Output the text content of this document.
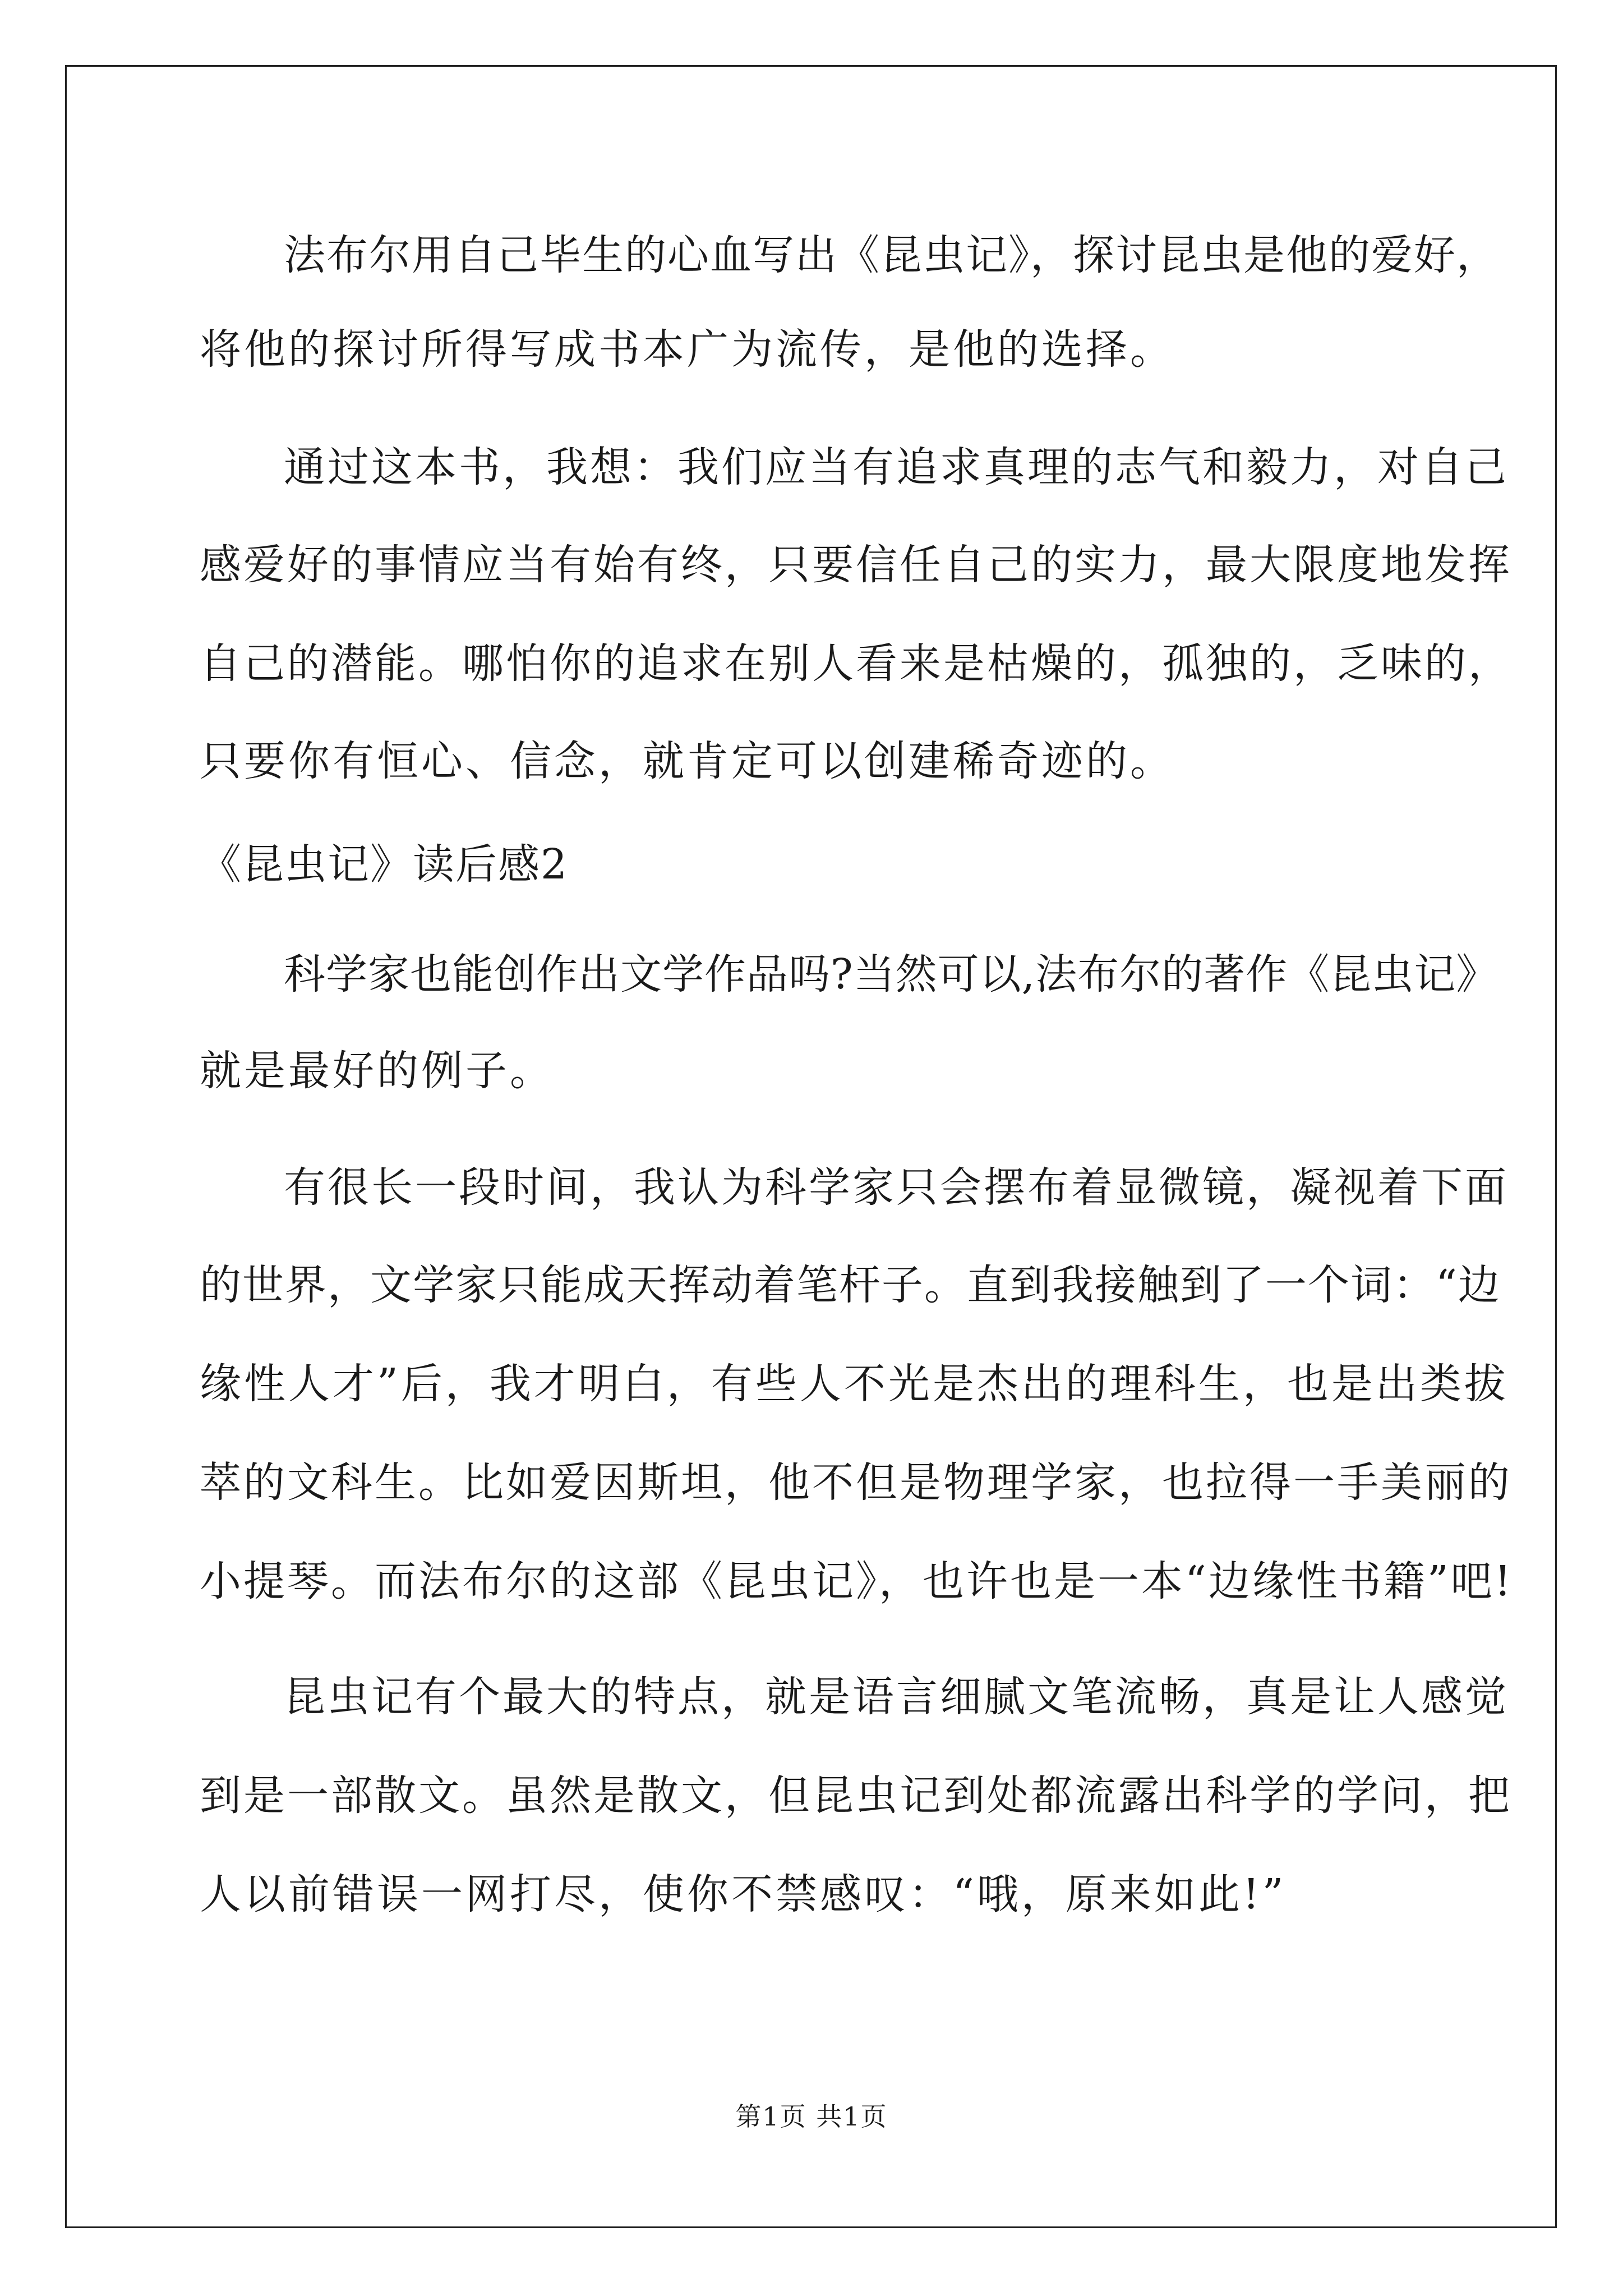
法布尔用自己毕生的心血写出《昆虫记》，探讨昆虫是他的爱好，
将他的探讨所得写成书本广为流传，是他的选择。
通过这本书，我想：我们应当有追求真理的志气和毅力，对自己
感爱好的事情应当有始有终，只要信任自己的实力，最大限度地发挥
自己的潜能。哪怕你的追求在别人看来是枯燥的，孤独的，乏味的，
只要你有恒心、信念，就肯定可以创建稀奇迹的。
《昆虫记》读后感2
科学家也能创作出文学作品吗?当然可以,法布尔的著作《昆虫记》
就是最好的例子。
有很长一段时间，我认为科学家只会摆布着显微镜，凝视着下面
的世界，文学家只能成天挥动着笔杆子。直到我接触到了一个词：“边
缘性人才”后，我才明白，有些人不光是杰出的理科生，也是出类拔
萃的文科生。比如爱因斯坦，他不但是物理学家，也拉得一手美丽的
小提琴。而法布尔的这部《昆虫记》，也许也是一本“边缘性书籍”吧!
昆虫记有个最大的特点，就是语言细腻文笔流畅，真是让人感觉
到是一部散文。虽然是散文，但昆虫记到处都流露出科学的学问，把
人以前错误一网打尽，使你不禁感叹：“哦，原来如此!”
第1页 共1页
